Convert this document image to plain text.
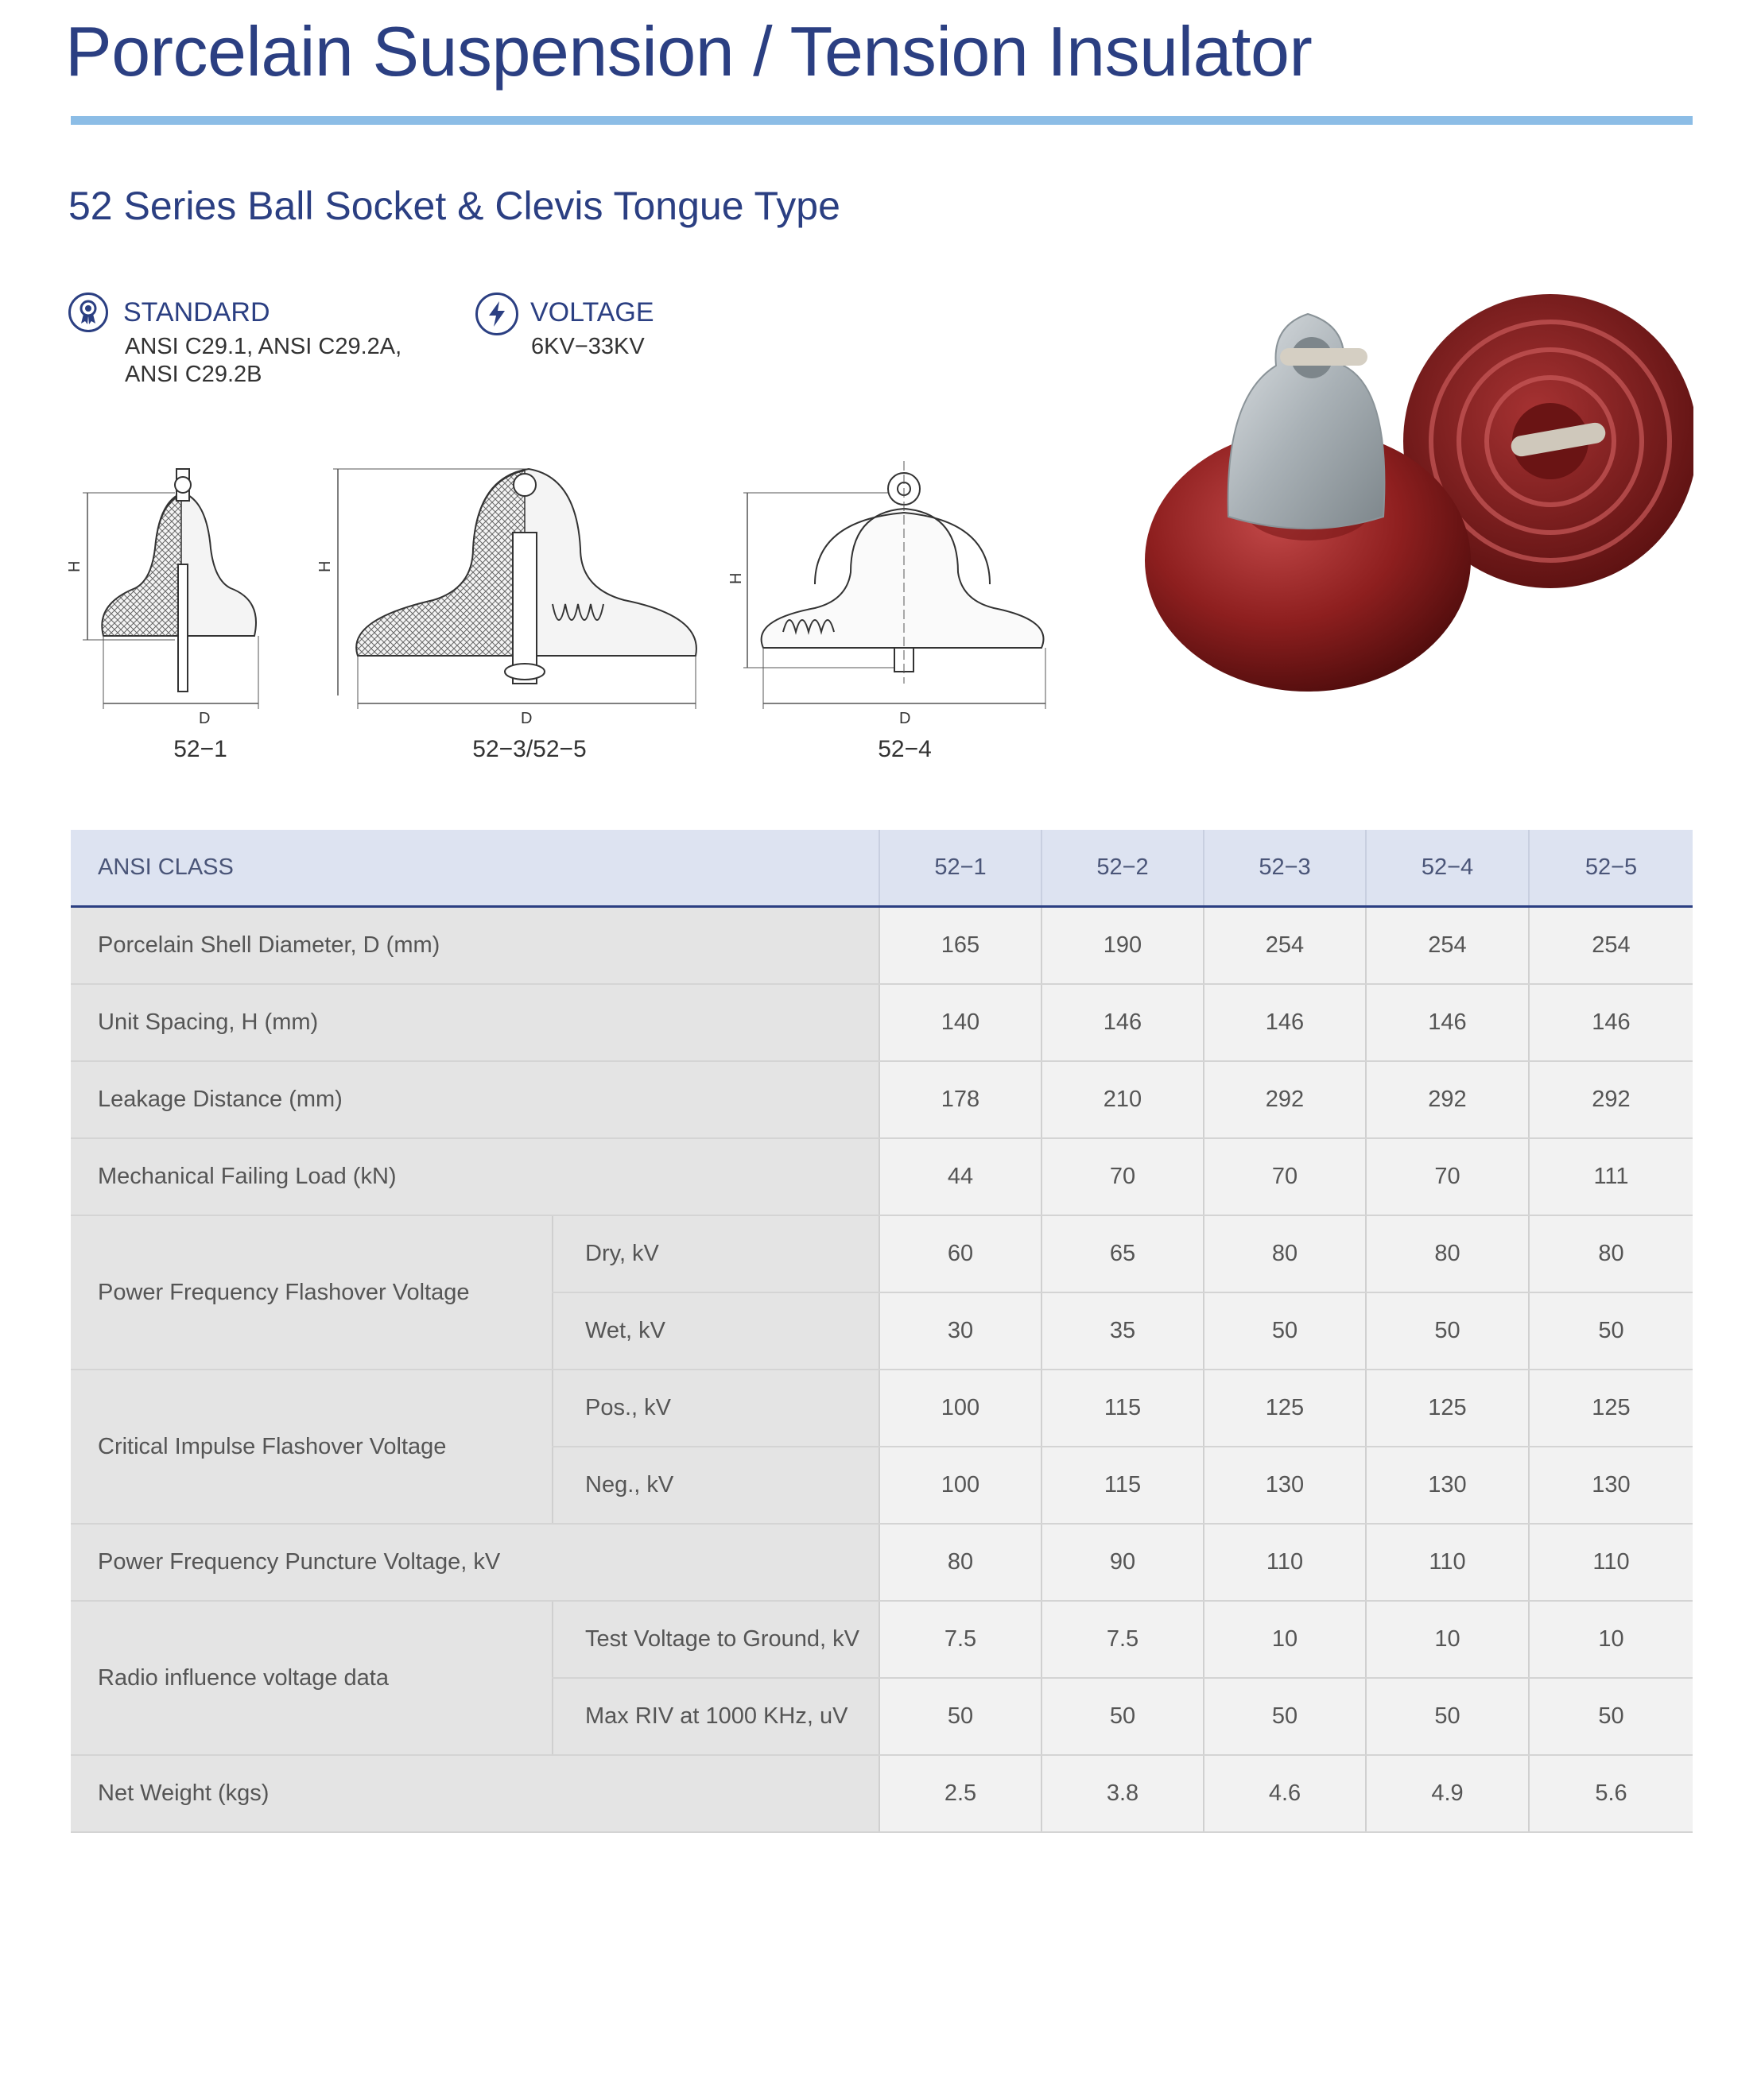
Porcelain Suspension / Tension Insulator
52 Series Ball Socket & Clevis Tongue Type
STANDARD
ANSI C29.1, ANSI C29.2A,
ANSI C29.2B
VOLTAGE
6KV−33KV
H
D
52−1
H
D
52−3/52−5
H
D
52−4
ANSI CLASS		52−1	52−2	52−3	52−4	52−5
Porcelain Shell Diameter, D (mm)		165	190	254	254	254
Unit Spacing, H (mm)		140	146	146	146	146
Leakage Distance (mm)		178	210	292	292	292
Mechanical Failing Load (kN)		44	70	70	70	111
Power Frequency Flashover Voltage	Dry, kV	60	65	80	80	80
	Wet, kV	30	35	50	50	50
Critical Impulse Flashover Voltage	Pos., kV	100	115	125	125	125
	Neg., kV	100	115	130	130	130
Power Frequency Puncture Voltage, kV		80	90	110	110	110
Radio influence voltage data	Test Voltage to Ground, kV	7.5	7.5	10	10	10
	Max RIV at 1000 KHz, uV	50	50	50	50	50
Net Weight (kgs)		2.5	3.8	4.6	4.9	5.6
